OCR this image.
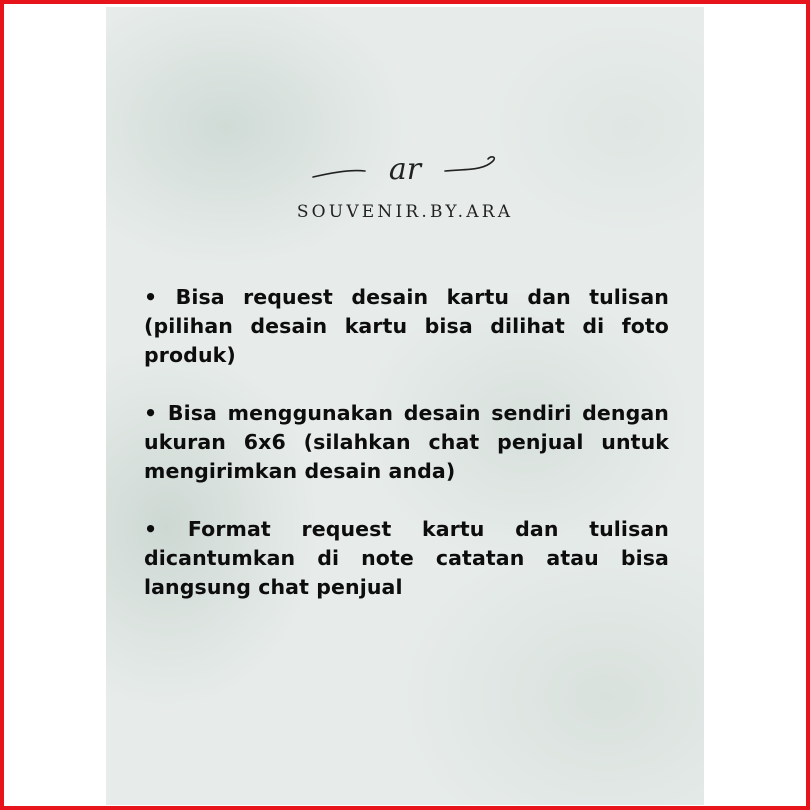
ar
SOUVENIR.BY.ARA

• Bisa request desain kartu dan tulisan (pilihan desain kartu bisa dilihat di foto produk)

• Bisa menggunakan desain sendiri dengan ukuran 6x6 (silahkan chat penjual untuk mengirimkan desain anda)

• Format request kartu dan tulisan dicantumkan di note catatan atau bisa langsung chat penjual
